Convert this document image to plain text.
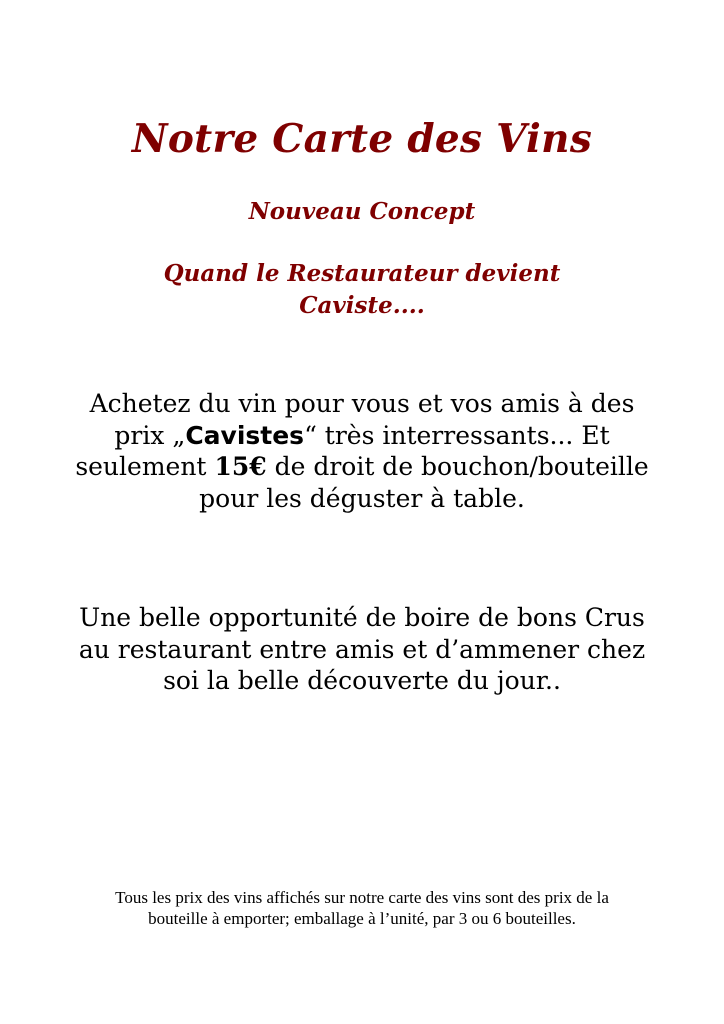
Notre Carte des Vins
Nouveau Concept
Quand le Restaurateur devient
Caviste....

Achetez du vin pour vous et vos amis à des prix „Cavistes“ très interressants... Et seulement 15€ de droit de bouchon/bouteille pour les déguster à table.

Une belle opportunité de boire de bons Crus au restaurant entre amis et d’ammener chez soi la belle découverte du jour..

Tous les prix des vins affichés sur notre carte des vins sont des prix de la bouteille à emporter; emballage à l’unité, par 3 ou 6 bouteilles.
